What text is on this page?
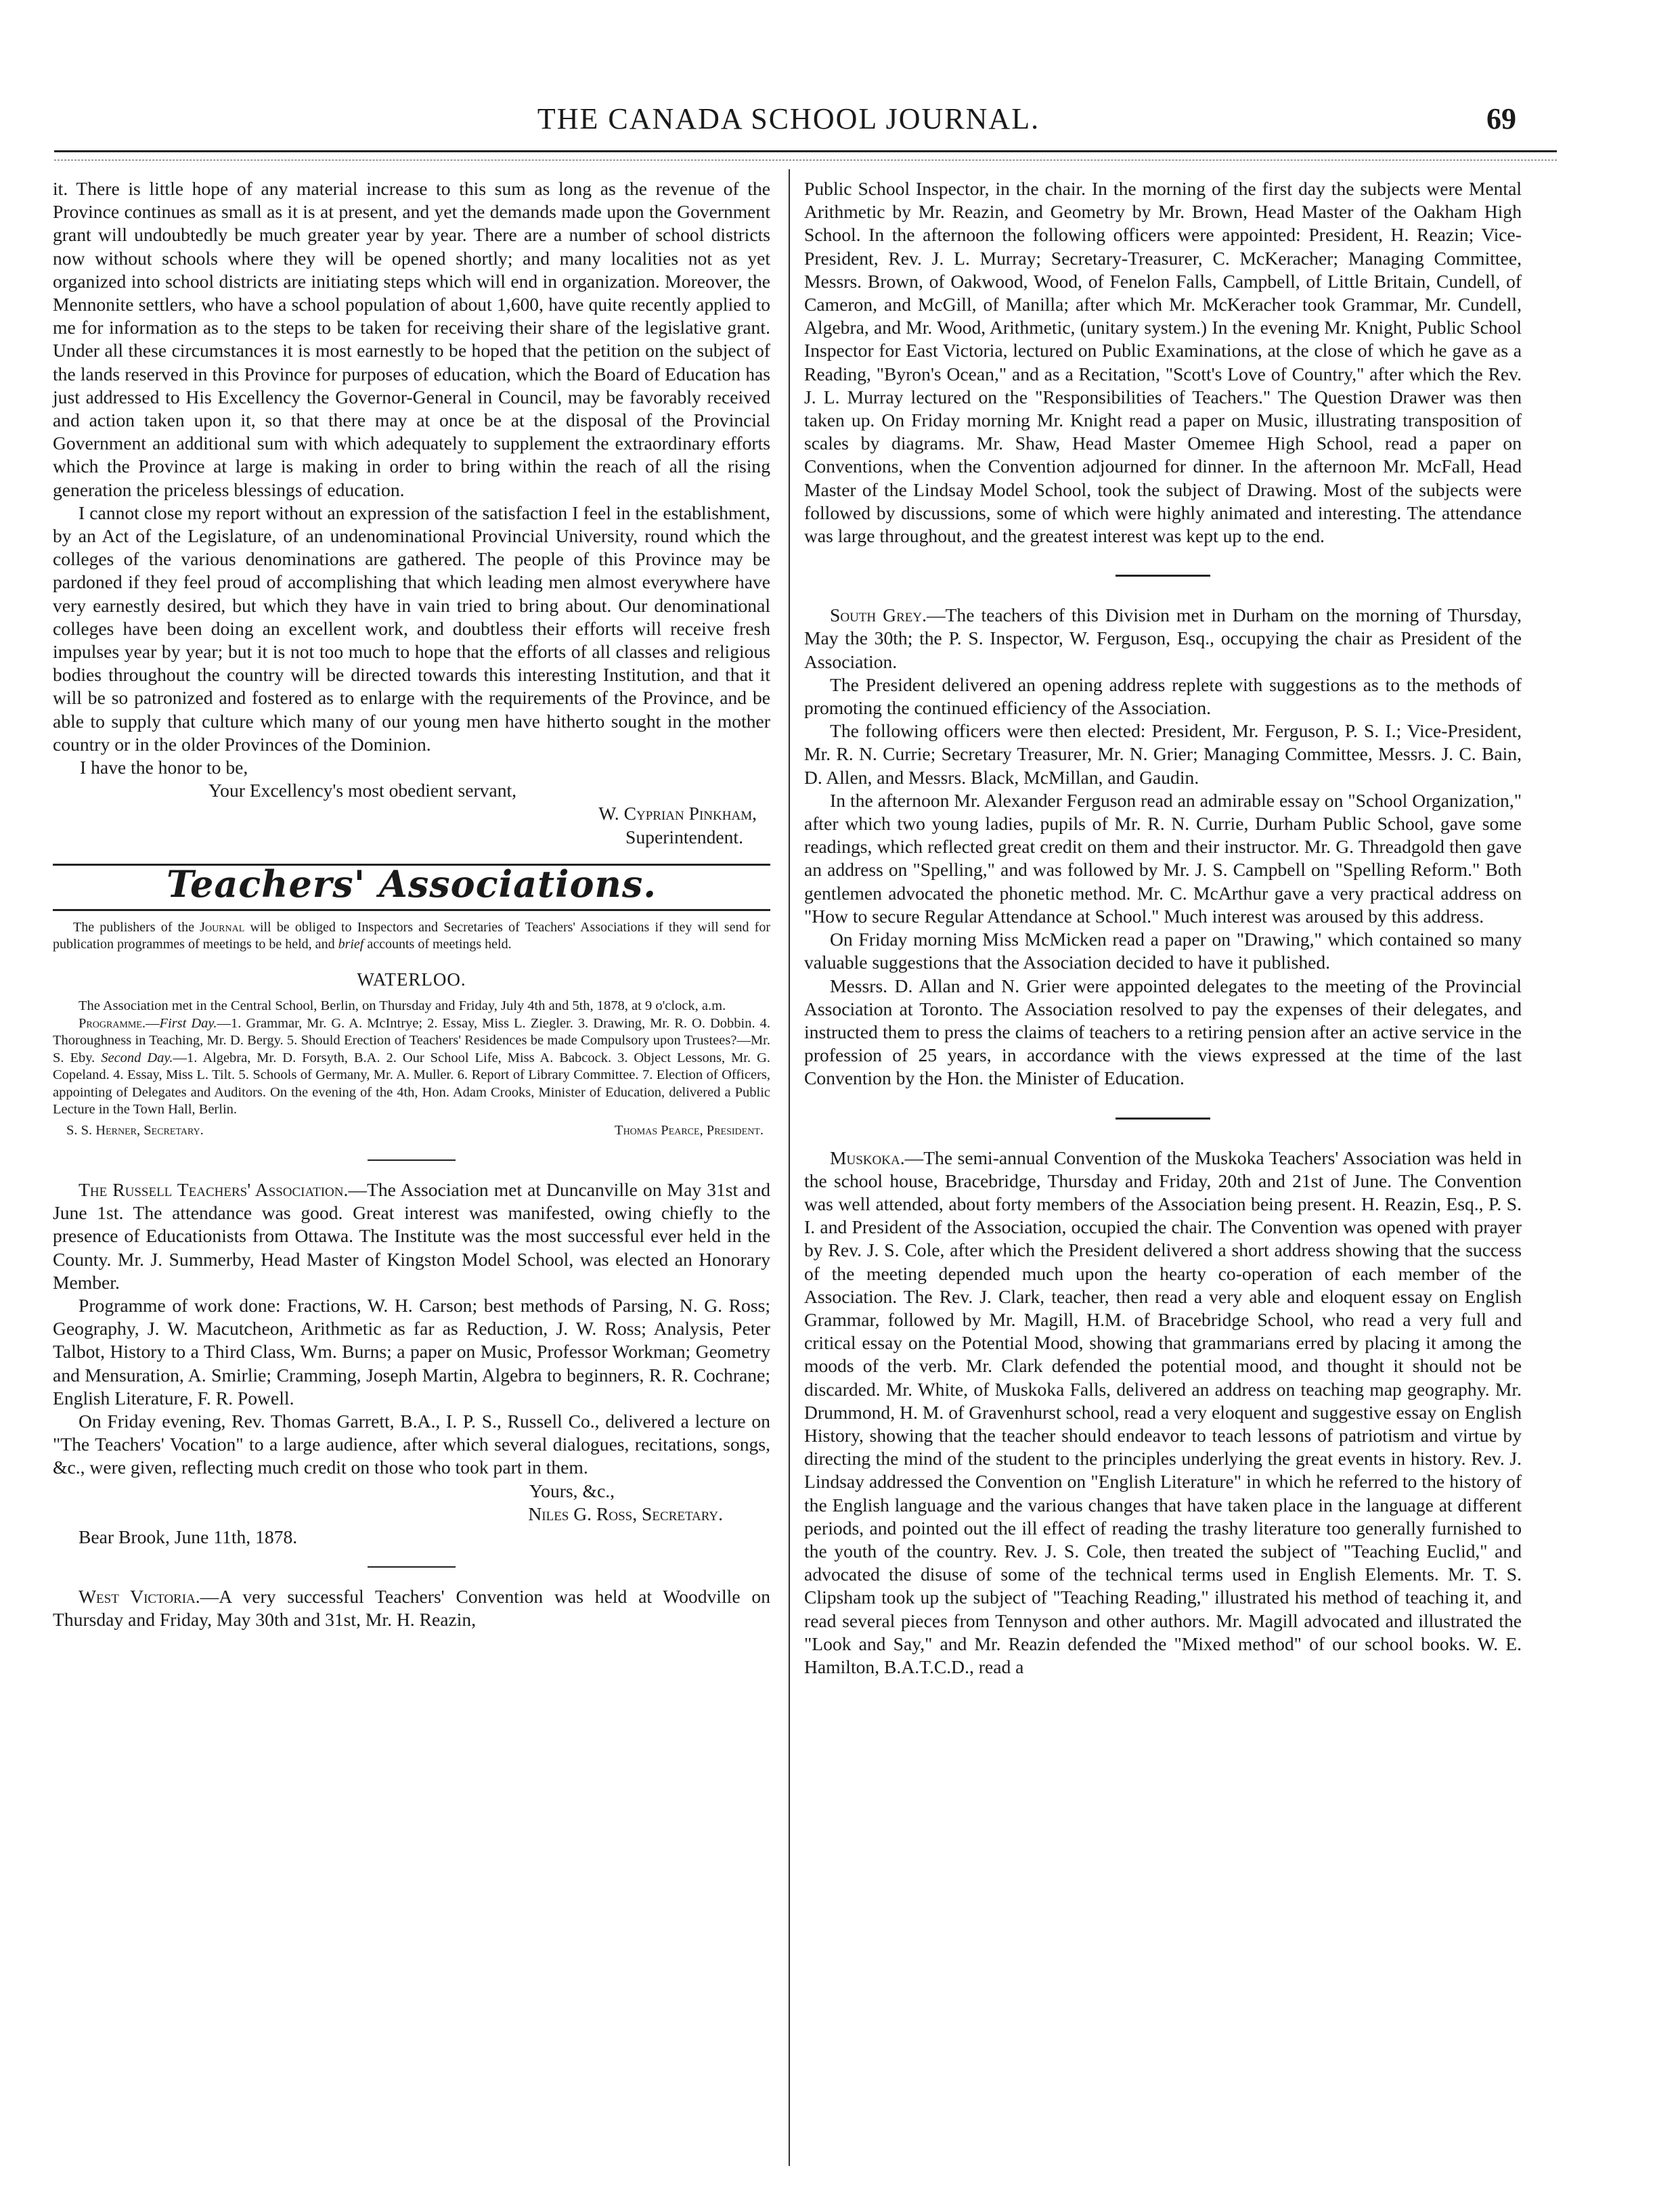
THE CANADA SCHOOL JOURNAL.	69

it. There is little hope of any material increase to this sum as long as the revenue of the Province continues as small as it is at present, and yet the demands made upon the Government grant will undoubtedly be much greater year by year. There are a number of school districts now without schools where they will be opened shortly; and many localities not as yet organized into school districts are initiating steps which will end in organization. Moreover, the Mennonite settlers, who have a school population of about 1,600, have quite recently applied to me for information as to the steps to be taken for receiving their share of the legislative grant. Under all these circumstances it is most earnestly to be hoped that the petition on the subject of the lands reserved in this Province for purposes of education, which the Board of Education has just addressed to His Excellency the Governor-General in Council, may be favorably received and action taken upon it, so that there may at once be at the disposal of the Provincial Government an additional sum with which adequately to supplement the extraordinary efforts which the Province at large is making in order to bring within the reach of all the rising generation the priceless blessings of education.

I cannot close my report without an expression of the satisfaction I feel in the establishment, by an Act of the Legislature, of an undenominational Provincial University, round which the colleges of the various denominations are gathered. The people of this Province may be pardoned if they feel proud of accomplishing that which leading men almost everywhere have very earnestly desired, but which they have in vain tried to bring about. Our denominational colleges have been doing an excellent work, and doubtless their efforts will receive fresh impulses year by year; but it is not too much to hope that the efforts of all classes and religious bodies throughout the country will be directed towards this interesting Institution, and that it will be so patronized and fostered as to enlarge with the requirements of the Province, and be able to supply that culture which many of our young men have hitherto sought in the mother country or in the older Provinces of the Dominion.

I have the honor to be,

Your Excellency's most obedient servant,

W. Cyprian Pinkham,

Superintendent.

Teachers' Associations.

The publishers of the Journal will be obliged to Inspectors and Secretaries of Teachers' Associations if they will send for publication programmes of meetings to be held, and brief accounts of meetings held.

WATERLOO.

The Association met in the Central School, Berlin, on Thursday and Friday, July 4th and 5th, 1878, at 9 o'clock, a.m.

Programme.—First Day.—1. Grammar, Mr. G. A. McIntrye; 2. Essay, Miss L. Ziegler. 3. Drawing, Mr. R. O. Dobbin. 4. Thoroughness in Teaching, Mr. D. Bergy. 5. Should Erection of Teachers' Residences be made Compulsory upon Trustees?—Mr. S. Eby. Second Day.—1. Algebra, Mr. D. Forsyth, B.A. 2. Our School Life, Miss A. Babcock. 3. Object Lessons, Mr. G. Copeland. 4. Essay, Miss L. Tilt. 5. Schools of Germany, Mr. A. Muller. 6. Report of Library Committee. 7. Election of Officers, appointing of Delegates and Auditors. On the evening of the 4th, Hon. Adam Crooks, Minister of Education, delivered a Public Lecture in the Town Hall, Berlin.

S. S. Herner, Secretary.	Thomas Pearce, President.

The Russell Teachers' Association.—The Association met at Duncanville on May 31st and June 1st. The attendance was good. Great interest was manifested, owing chiefly to the presence of Educationists from Ottawa. The Institute was the most successful ever held in the County. Mr. J. Summerby, Head Master of Kingston Model School, was elected an Honorary Member.

Programme of work done: Fractions, W. H. Carson; best methods of Parsing, N. G. Ross; Geography, J. W. Macutcheon, Arithmetic as far as Reduction, J. W. Ross; Analysis, Peter Talbot, History to a Third Class, Wm. Burns; a paper on Music, Professor Workman; Geometry and Mensuration, A. Smirlie; Cramming, Joseph Martin, Algebra to beginners, R. R. Cochrane; English Literature, F. R. Powell.

On Friday evening, Rev. Thomas Garrett, B.A., I. P. S., Russell Co., delivered a lecture on "The Teachers' Vocation" to a large audience, after which several dialogues, recitations, songs, &c., were given, reflecting much credit on those who took part in them.

Yours, &c.,

Niles G. Ross, Secretary.

Bear Brook, June 11th, 1878.

West Victoria.—A very successful Teachers' Convention was held at Woodville on Thursday and Friday, May 30th and 31st, Mr. H. Reazin,

Public School Inspector, in the chair. In the morning of the first day the subjects were Mental Arithmetic by Mr. Reazin, and Geometry by Mr. Brown, Head Master of the Oakham High School. In the afternoon the following officers were appointed: President, H. Reazin; Vice-President, Rev. J. L. Murray; Secretary-Treasurer, C. McKeracher; Managing Committee, Messrs. Brown, of Oakwood, Wood, of Fenelon Falls, Campbell, of Little Britain, Cundell, of Cameron, and McGill, of Manilla; after which Mr. McKeracher took Grammar, Mr. Cundell, Algebra, and Mr. Wood, Arithmetic, (unitary system.) In the evening Mr. Knight, Public School Inspector for East Victoria, lectured on Public Examinations, at the close of which he gave as a Reading, "Byron's Ocean," and as a Recitation, "Scott's Love of Country," after which the Rev. J. L. Murray lectured on the "Responsibilities of Teachers." The Question Drawer was then taken up. On Friday morning Mr. Knight read a paper on Music, illustrating transposition of scales by diagrams. Mr. Shaw, Head Master Omemee High School, read a paper on Conventions, when the Convention adjourned for dinner. In the afternoon Mr. McFall, Head Master of the Lindsay Model School, took the subject of Drawing. Most of the subjects were followed by discussions, some of which were highly animated and interesting. The attendance was large throughout, and the greatest interest was kept up to the end.

South Grey.—The teachers of this Division met in Durham on the morning of Thursday, May the 30th; the P. S. Inspector, W. Ferguson, Esq., occupying the chair as President of the Association.

The President delivered an opening address replete with suggestions as to the methods of promoting the continued efficiency of the Association.

The following officers were then elected: President, Mr. Ferguson, P. S. I.; Vice-President, Mr. R. N. Currie; Secretary Treasurer, Mr. N. Grier; Managing Committee, Messrs. J. C. Bain, D. Allen, and Messrs. Black, McMillan, and Gaudin.

In the afternoon Mr. Alexander Ferguson read an admirable essay on "School Organization," after which two young ladies, pupils of Mr. R. N. Currie, Durham Public School, gave some readings, which reflected great credit on them and their instructor. Mr. G. Threadgold then gave an address on "Spelling," and was followed by Mr. J. S. Campbell on "Spelling Reform." Both gentlemen advocated the phonetic method. Mr. C. McArthur gave a very practical address on "How to secure Regular Attendance at School." Much interest was aroused by this address.

On Friday morning Miss McMicken read a paper on "Drawing," which contained so many valuable suggestions that the Association decided to have it published.

Messrs. D. Allan and N. Grier were appointed delegates to the meeting of the Provincial Association at Toronto. The Association resolved to pay the expenses of their delegates, and instructed them to press the claims of teachers to a retiring pension after an active service in the profession of 25 years, in accordance with the views expressed at the time of the last Convention by the Hon. the Minister of Education.

Muskoka.—The semi-annual Convention of the Muskoka Teachers' Association was held in the school house, Bracebridge, Thursday and Friday, 20th and 21st of June. The Convention was well attended, about forty members of the Association being present. H. Reazin, Esq., P. S. I. and President of the Association, occupied the chair. The Convention was opened with prayer by Rev. J. S. Cole, after which the President delivered a short address showing that the success of the meeting depended much upon the hearty co-operation of each member of the Association. The Rev. J. Clark, teacher, then read a very able and eloquent essay on English Grammar, followed by Mr. Magill, H.M. of Bracebridge School, who read a very full and critical essay on the Potential Mood, showing that grammarians erred by placing it among the moods of the verb. Mr. Clark defended the potential mood, and thought it should not be discarded. Mr. White, of Muskoka Falls, delivered an address on teaching map geography. Mr. Drummond, H. M. of Gravenhurst school, read a very eloquent and suggestive essay on English History, showing that the teacher should endeavor to teach lessons of patriotism and virtue by directing the mind of the student to the principles underlying the great events in history. Rev. J. Lindsay addressed the Convention on "English Literature" in which he referred to the history of the English language and the various changes that have taken place in the language at different periods, and pointed out the ill effect of reading the trashy literature too generally furnished to the youth of the country. Rev. J. S. Cole, then treated the subject of "Teaching Euclid," and advocated the disuse of some of the technical terms used in English Elements. Mr. T. S. Clipsham took up the subject of "Teaching Reading," illustrated his method of teaching it, and read several pieces from Tennyson and other authors. Mr. Magill advocated and illustrated the "Look and Say," and Mr. Reazin defended the "Mixed method" of our school books. W. E. Hamilton, B.A.T.C.D., read a
